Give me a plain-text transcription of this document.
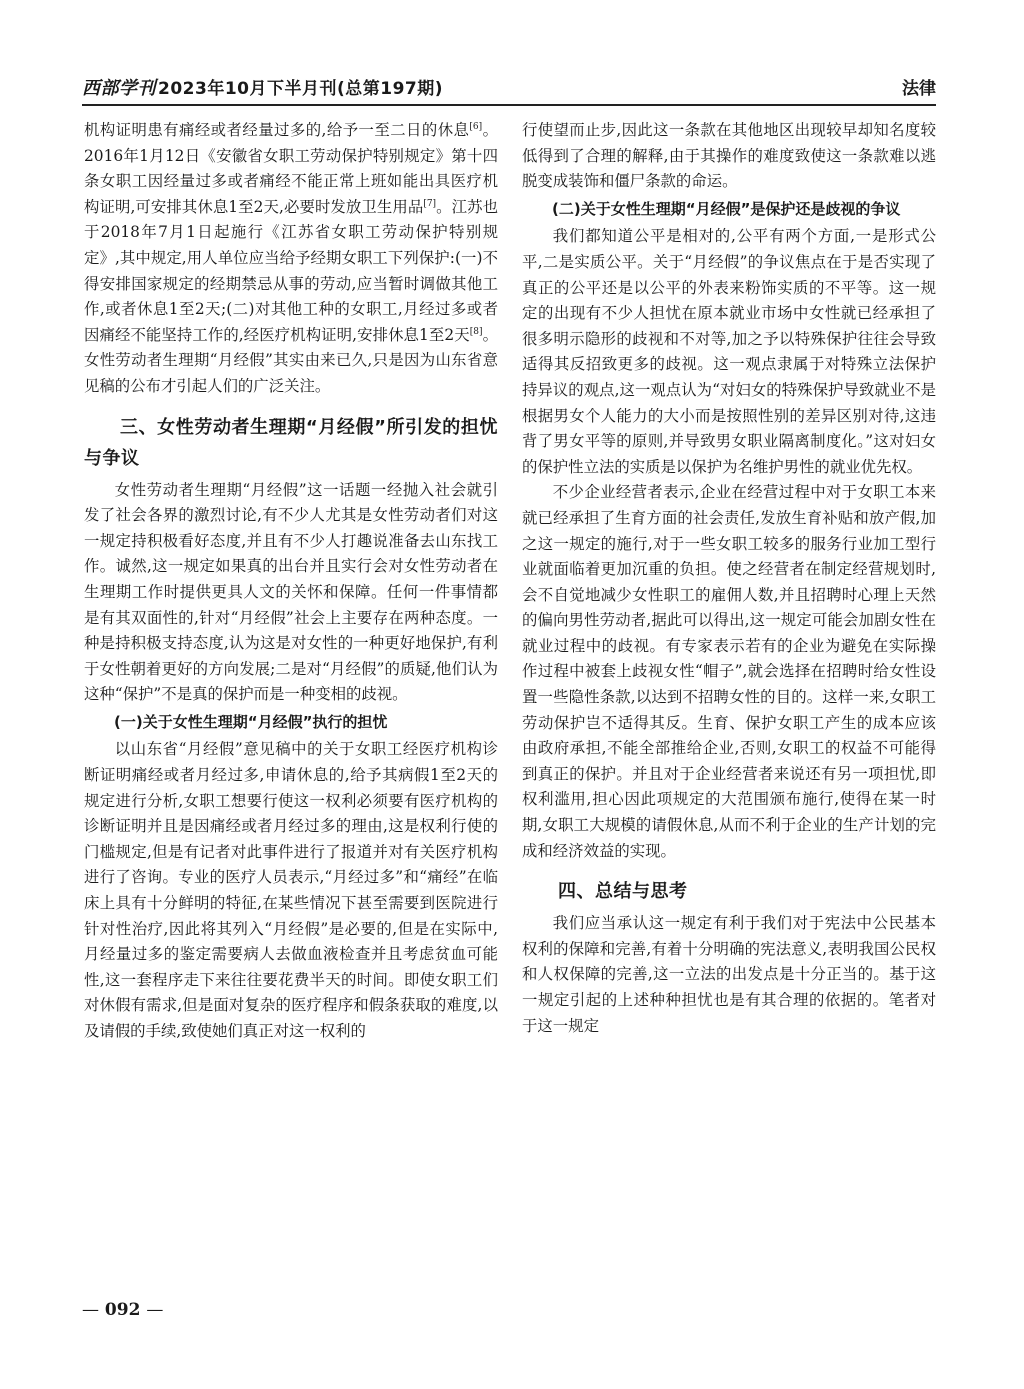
西部学刊 2023年10月下半月刊(总第197期)	法律

机构证明患有痛经或者经量过多的,给予一至二日的休息[6]。2016年1月12日《安徽省女职工劳动保护特别规定》第十四条女职工因经量过多或者痛经不能正常上班如能出具医疗机构证明,可安排其休息1至2天,必要时发放卫生用品[7]。江苏也于2018年7月1日起施行《江苏省女职工劳动保护特别规定》,其中规定,用人单位应当给予经期女职工下列保护:(一)不得安排国家规定的经期禁忌从事的劳动,应当暂时调做其他工作,或者休息1至2天;(二)对其他工种的女职工,月经过多或者因痛经不能坚持工作的,经医疗机构证明,安排休息1至2天[8]。女性劳动者生理期“月经假”其实由来已久,只是因为山东省意见稿的公布才引起人们的广泛关注。

三、女性劳动者生理期“月经假”所引发的担忧与争议

女性劳动者生理期“月经假”这一话题一经抛入社会就引发了社会各界的激烈讨论,有不少人尤其是女性劳动者们对这一规定持积极看好态度,并且有不少人打趣说准备去山东找工作。诚然,这一规定如果真的出台并且实行会对女性劳动者在生理期工作时提供更具人文的关怀和保障。任何一件事情都是有其双面性的,针对“月经假”社会上主要存在两种态度。一种是持积极支持态度,认为这是对女性的一种更好地保护,有利于女性朝着更好的方向发展;二是对“月经假”的质疑,他们认为这种“保护”不是真的保护而是一种变相的歧视。

(一)关于女性生理期“月经假”执行的担忧

以山东省“月经假”意见稿中的关于女职工经医疗机构诊断证明痛经或者月经过多,申请休息的,给予其病假1至2天的规定进行分析,女职工想要行使这一权利必须要有医疗机构的诊断证明并且是因痛经或者月经过多的理由,这是权利行使的门槛规定,但是有记者对此事件进行了报道并对有关医疗机构进行了咨询。专业的医疗人员表示,“月经过多”和“痛经”在临床上具有十分鲜明的特征,在某些情况下甚至需要到医院进行针对性治疗,因此将其列入“月经假”是必要的,但是在实际中,月经量过多的鉴定需要病人去做血液检查并且考虑贫血可能性,这一套程序走下来往往要花费半天的时间。即使女职工们对休假有需求,但是面对复杂的医疗程序和假条获取的难度,以及请假的手续,致使她们真正对这一权利的

行使望而止步,因此这一条款在其他地区出现较早却知名度较低得到了合理的解释,由于其操作的难度致使这一条款难以逃脱变成装饰和僵尸条款的命运。

(二)关于女性生理期“月经假”是保护还是歧视的争议

我们都知道公平是相对的,公平有两个方面,一是形式公平,二是实质公平。关于“月经假”的争议焦点在于是否实现了真正的公平还是以公平的外表来粉饰实质的不平等。这一规定的出现有不少人担忧在原本就业市场中女性就已经承担了很多明示隐形的歧视和不对等,加之予以特殊保护往往会导致适得其反招致更多的歧视。这一观点隶属于对特殊立法保护持异议的观点,这一观点认为“对妇女的特殊保护导致就业不是根据男女个人能力的大小而是按照性别的差异区别对待,这违背了男女平等的原则,并导致男女职业隔离制度化。”这对妇女的保护性立法的实质是以保护为名维护男性的就业优先权。

不少企业经营者表示,企业在经营过程中对于女职工本来就已经承担了生育方面的社会责任,发放生育补贴和放产假,加之这一规定的施行,对于一些女职工较多的服务行业加工型行业就面临着更加沉重的负担。使之经营者在制定经营规划时,会不自觉地减少女性职工的雇佣人数,并且招聘时心理上天然的偏向男性劳动者,据此可以得出,这一规定可能会加剧女性在就业过程中的歧视。有专家表示若有的企业为避免在实际操作过程中被套上歧视女性“帽子”,就会选择在招聘时给女性设置一些隐性条款,以达到不招聘女性的目的。这样一来,女职工劳动保护岂不适得其反。生育、保护女职工产生的成本应该由政府承担,不能全部推给企业,否则,女职工的权益不可能得到真正的保护。并且对于企业经营者来说还有另一项担忧,即权利滥用,担心因此项规定的大范围颁布施行,使得在某一时期,女职工大规模的请假休息,从而不利于企业的生产计划的完成和经济效益的实现。

四、总结与思考

我们应当承认这一规定有利于我们对于宪法中公民基本权利的保障和完善,有着十分明确的宪法意义,表明我国公民权和人权保障的完善,这一立法的出发点是十分正当的。基于这一规定引起的上述种种担忧也是有其合理的依据的。笔者对于这一规定

— 092 —
